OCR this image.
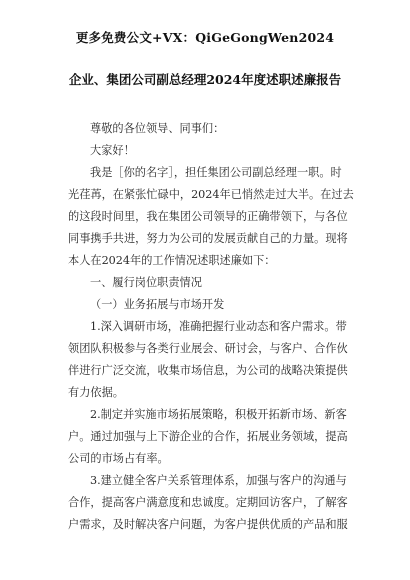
更多免费公文+VX：QiGeGongWen2024
企业、集团公司副总经理2024年度述职述廉报告
尊敬的各位领导、同事们：
大家好！
我是［你的名字］，担任集团公司副总经理一职。时
光荏苒，在紧张忙碌中，2024年已悄然走过大半。在过去
的这段时间里，我在集团公司领导的正确带领下，与各位
同事携手共进，努力为公司的发展贡献自己的力量。现将
本人在2024年的工作情况述职述廉如下：
一、履行岗位职责情况
（一）业务拓展与市场开发
1.深入调研市场，准确把握行业动态和客户需求。带
领团队积极参与各类行业展会、研讨会，与客户、合作伙
伴进行广泛交流，收集市场信息，为公司的战略决策提供
有力依据。
2.制定并实施市场拓展策略，积极开拓新市场、新客
户。通过加强与上下游企业的合作，拓展业务领域，提高
公司的市场占有率。
3.建立健全客户关系管理体系，加强与客户的沟通与
合作，提高客户满意度和忠诚度。定期回访客户，了解客
户需求，及时解决客户问题，为客户提供优质的产品和服
